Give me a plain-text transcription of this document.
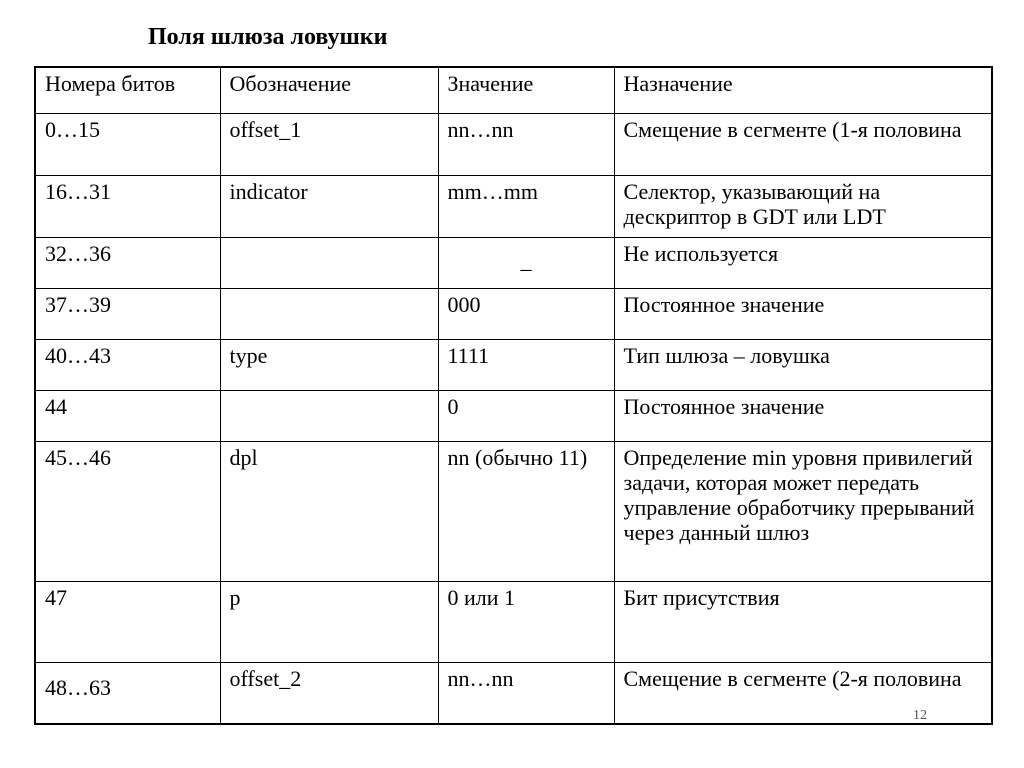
Поля шлюза ловушки
Номера битов	Обозначение	Значение	Назначение
0…15	offset_1	nn…nn	Смещение в сегменте (1-я половина
16…31	indicator	mm…mm	Селектор, указывающий на дескриптор в GDT или LDT
32…36		_	Не используется
37…39		000	Постоянное значение
40…43	type	1111	Тип шлюза – ловушка
44		0	Постоянное значение
45…46	dpl	nn (обычно 11)	Определение min уровня привилегий задачи, которая может передать управление обработчику прерываний через данный шлюз
47	p	0 или 1	Бит присутствия
48…63	offset_2	nn…nn	Смещение в сегменте (2-я половина
12
